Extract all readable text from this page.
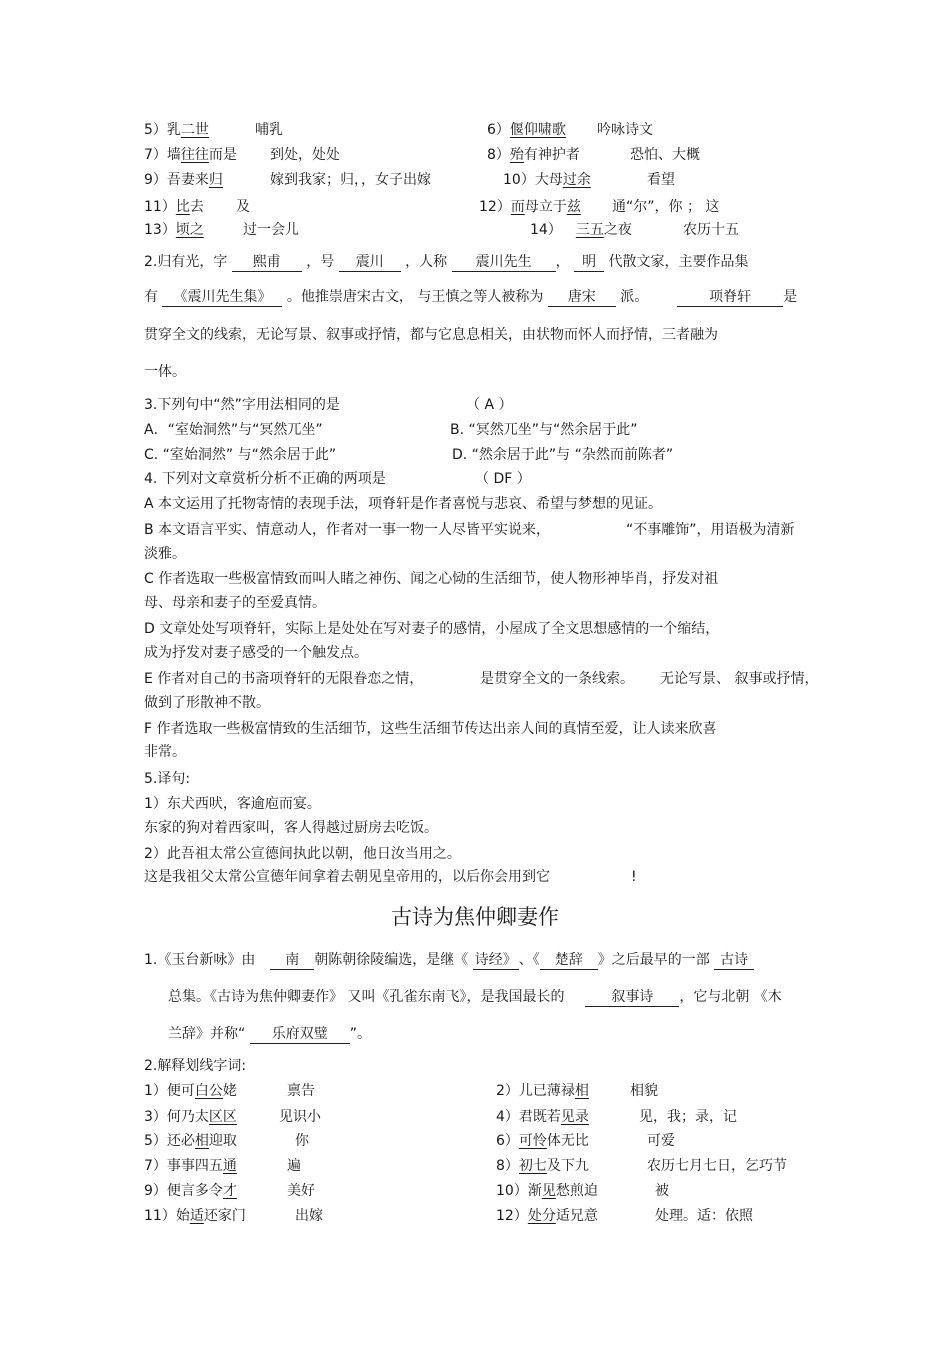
5）乳二世	哺乳	6）偃仰啸歌 吟咏诗文
7）墙往往而是 到处，处处	8）殆有神护者	恐怕、大概
9）吾妻来归	嫁到我家；归，，女子出嫁	10）大母过余	看望
11）比去 及	12）而母立于兹 通“尔”，你 ； 这
13）顷之	过一会儿	14） 三五之夜	农历十五
2.归有光，字 熙甫 ，号 震川 ，人称 震川先生 ， 明 代散文家，主要作品集
有 《震川先生集》 。他推崇唐宋古文， 与王慎之等人被称为 唐宋 派。	项脊轩 是
贯穿全文的线索，无论写景、叙事或抒情，都与它息息相关，由状物而怀人而抒情，三者融为
一体。
3.下列句中“然”字用法相同的是	（ A ）
A．“室始洞然”与“冥然兀坐”	B. “冥然兀坐”与“然余居于此”
C. “室始洞然” 与“然余居于此”	D. “然余居于此”与 “杂然而前陈者”
4. 下列对文章赏析分析不正确的两项是	（ DF ）
A 本文运用了托物寄情的表现手法，项脊轩是作者喜悦与悲哀、希望与梦想的见证。
B 本文语言平实、情意动人，作者对一事一物一人尽皆平实说来，	“不事雕饰”，用语极为清新
淡雅。
C 作者选取一些极富情致而叫人睹之神伤、闻之心恸的生活细节，使人物形神毕肖，抒发对祖
母、母亲和妻子的至爱真情。
D 文章处处写项脊轩，实际上是处处在写对妻子的感情，小屋成了全文思想感情的一个缩结，
成为抒发对妻子感受的一个触发点。
E 作者对自己的书斋项脊轩的无限眷恋之情，	是贯穿全文的一条线索。 无论写景、 叙事或抒情，
做到了形散神不散。
F 作者选取一些极富情致的生活细节，这些生活细节传达出亲人间的真情至爱，让人读来欣喜
非常。
5.译句:
1）东犬西吠，客逾庖而宴。
东家的狗对着西家叫，客人得越过厨房去吃饭。
2）此吾祖太常公宣德间执此以朝，他日汝当用之。
这是我祖父太常公宣德年间拿着去朝见皇帝用的，以后你会用到它	!
古诗为焦仲卿妻作
1.《玉台新咏》由 南 朝陈朝徐陵编选，是继《 诗经》 、《 楚辞 》之后最早的一部 古诗
总集。《古诗为焦仲卿妻作》 又叫《孔雀东南飞》，是我国最长的	叙事诗 ，它与北朝 《木
兰辞》并称“ 乐府双璧 ”。
2.解释划线字词:
1）便可白公姥	禀告	2）儿已薄禄相	相貌
3）何乃太区区	见识小	4）君既若见录	见，我；录，记
5）还必相迎取	你	6）可怜体无比	可爱
7）事事四五通	遍	8）初七及下九	农历七月七日，乞巧节
9）便言多令才	美好	10）渐见愁煎迫	被
11）始适还家门	出嫁	12）处分适兄意	处理。适：依照
